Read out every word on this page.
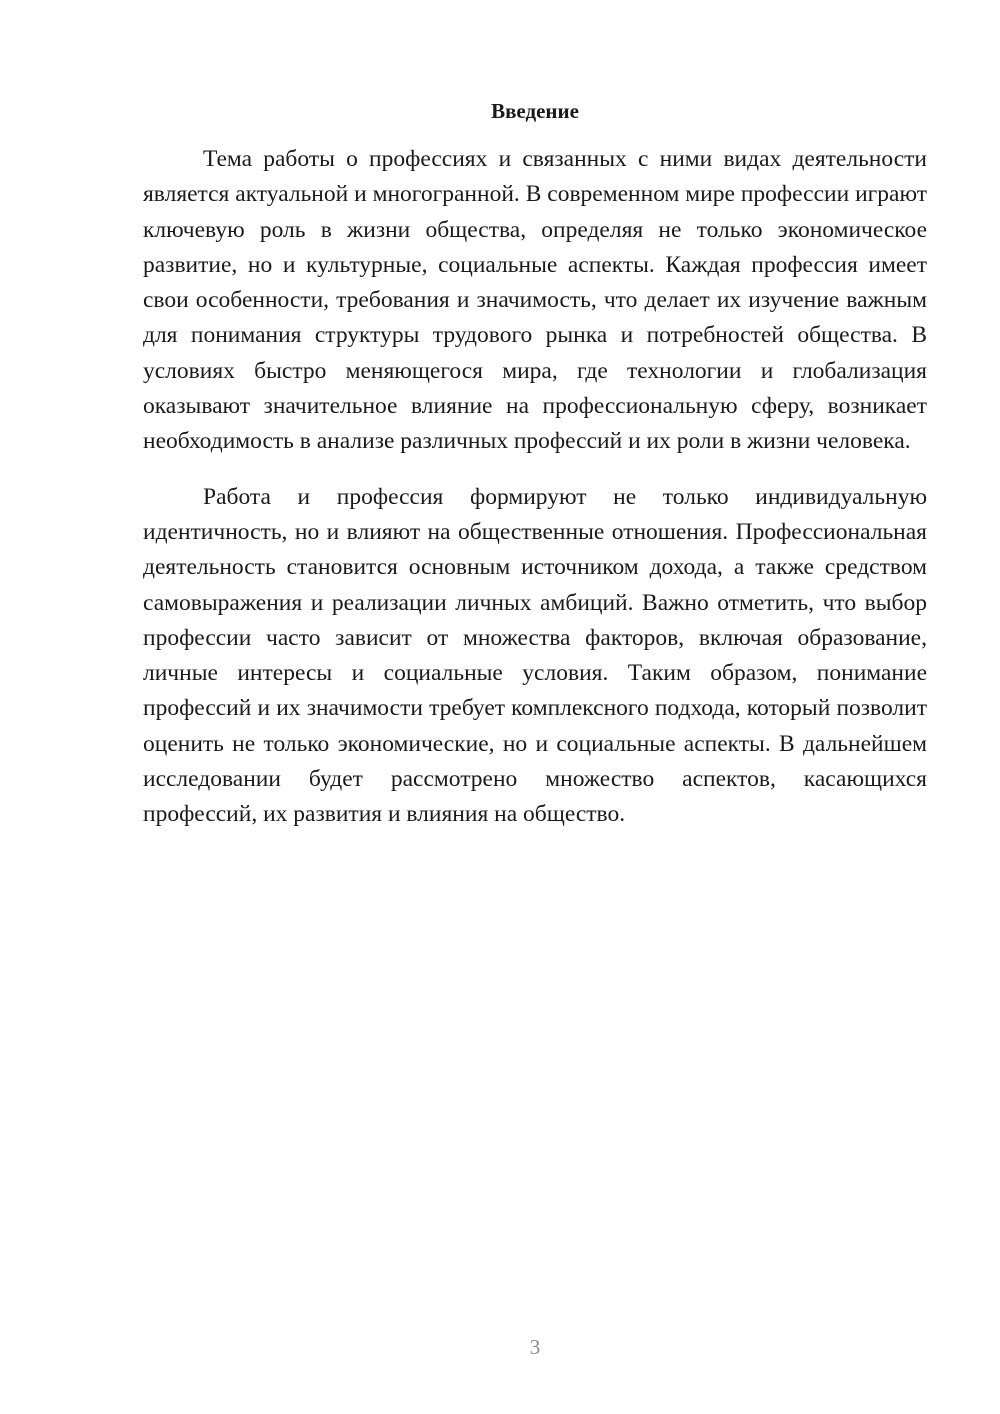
Введение

Тема работы о профессиях и связанных с ними видах деятельности является актуальной и многогранной. В современном мире профессии играют ключевую роль в жизни общества, определяя не только экономическое развитие, но и культурные, социальные аспекты. Каждая профессия имеет свои особенности, требования и значимость, что делает их изучение важным для понимания структуры трудового рынка и потребностей общества. В условиях быстро меняющегося мира, где технологии и глобализация оказывают значительное влияние на профессиональную сферу, возникает необходимость в анализе различных профессий и их роли в жизни человека.

Работа и профессия формируют не только индивидуальную идентичность, но и влияют на общественные отношения. Профессиональная деятельность становится основным источником дохода, а также средством самовыражения и реализации личных амбиций. Важно отметить, что выбор профессии часто зависит от множества факторов, включая образование, личные интересы и социальные условия. Таким образом, понимание профессий и их значимости требует комплексного подхода, который позволит оценить не только экономические, но и социальные аспекты. В дальнейшем исследовании будет рассмотрено множество аспектов, касающихся профессий, их развития и влияния на общество.

3
